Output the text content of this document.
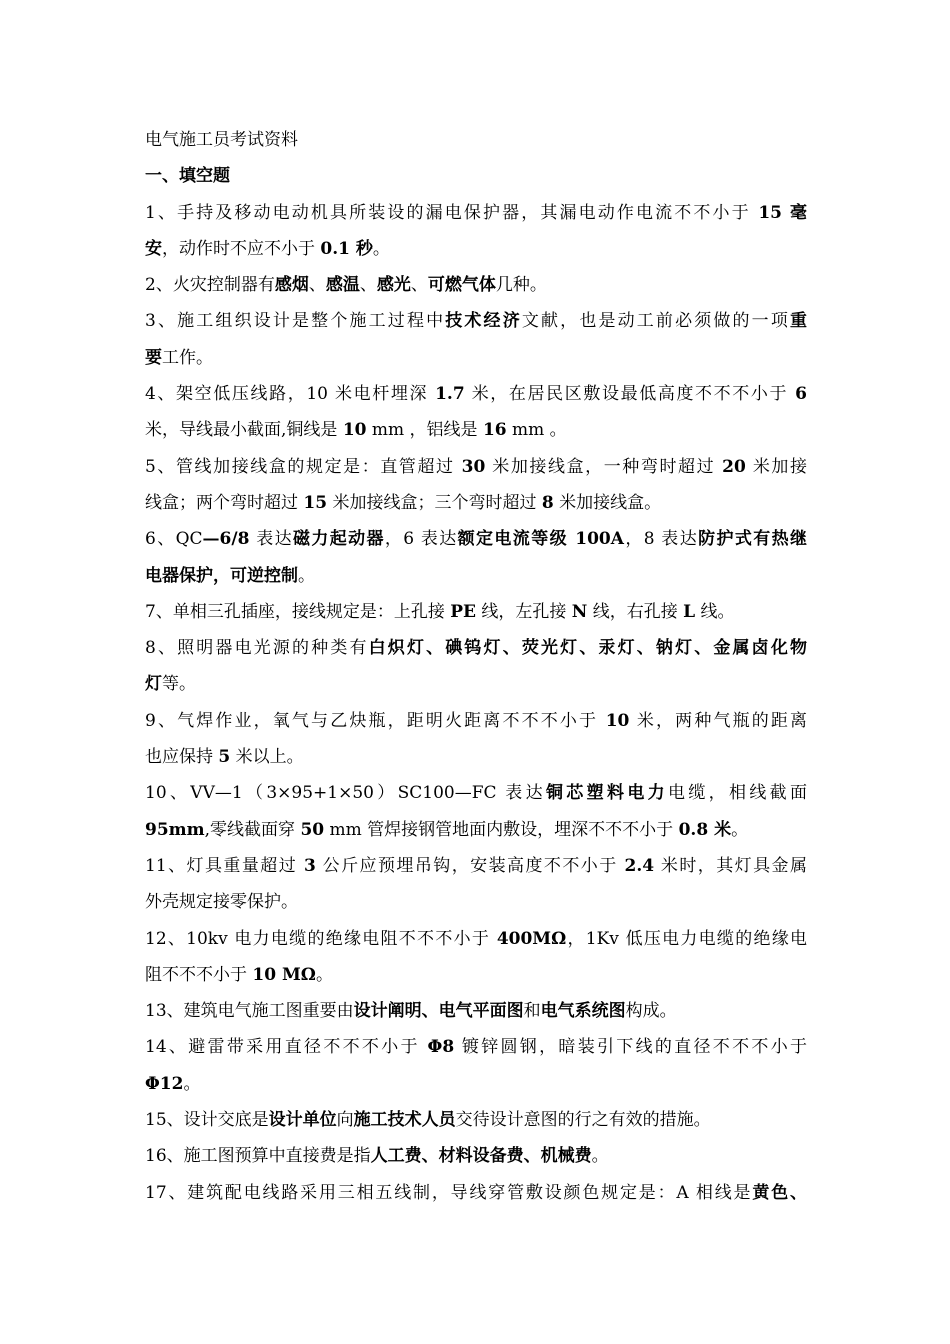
电气施工员考试资料
一、填空题
1、手持及移动电动机具所装设的漏电保护器，其漏电动作电流不不小于 15 毫
安，动作时不应不小于 0.1 秒。
2、火灾控制器有感烟、感温、感光、可燃气体几种。
3、施工组织设计是整个施工过程中技术经济文献，也是动工前必须做的一项重
要工作。
4、架空低压线路，10 米电杆埋深 1.7 米，在居民区敷设最低高度不不不小于 6
米，导线最小截面,铜线是 10 mm ，铝线是 16 mm 。
5、管线加接线盒的规定是：直管超过 30 米加接线盒，一种弯时超过 20 米加接
线盒；两个弯时超过 15 米加接线盒；三个弯时超过 8 米加接线盒。
6、QC—6/8 表达磁力起动器，6 表达额定电流等级 100A，8 表达防护式有热继
电器保护，可逆控制。
7、单相三孔插座，接线规定是：上孔接 PE 线，左孔接 N 线，右孔接 L 线。
8、照明器电光源的种类有白炽灯、碘钨灯、荧光灯、汞灯、钠灯、金属卤化物
灯等。
9、气焊作业，氧气与乙炔瓶，距明火距离不不不小于 10 米，两种气瓶的距离
也应保持 5 米以上。
10、VV—1（3×95+1×50）SC100—FC 表达铜芯塑料电力电缆，相线截面
95mm,零线截面穿 50 mm 管焊接钢管地面内敷设，埋深不不不小于 0.8 米。
11、灯具重量超过 3 公斤应预埋吊钩，安装高度不不小于 2.4 米时，其灯具金属
外壳规定接零保护。
12、10kv 电力电缆的绝缘电阻不不不小于 400MΩ，1Kv 低压电力电缆的绝缘电
阻不不不小于 10 MΩ。
13、建筑电气施工图重要由设计阐明、电气平面图和电气系统图构成。
14、避雷带采用直径不不不小于 Φ8 镀锌圆钢，暗装引下线的直径不不不小于
Φ12。
15、设计交底是设计单位向施工技术人员交待设计意图的行之有效的措施。
16、施工图预算中直接费是指人工费、材料设备费、机械费。
17、建筑配电线路采用三相五线制，导线穿管敷设颜色规定是：A 相线是黄色、
